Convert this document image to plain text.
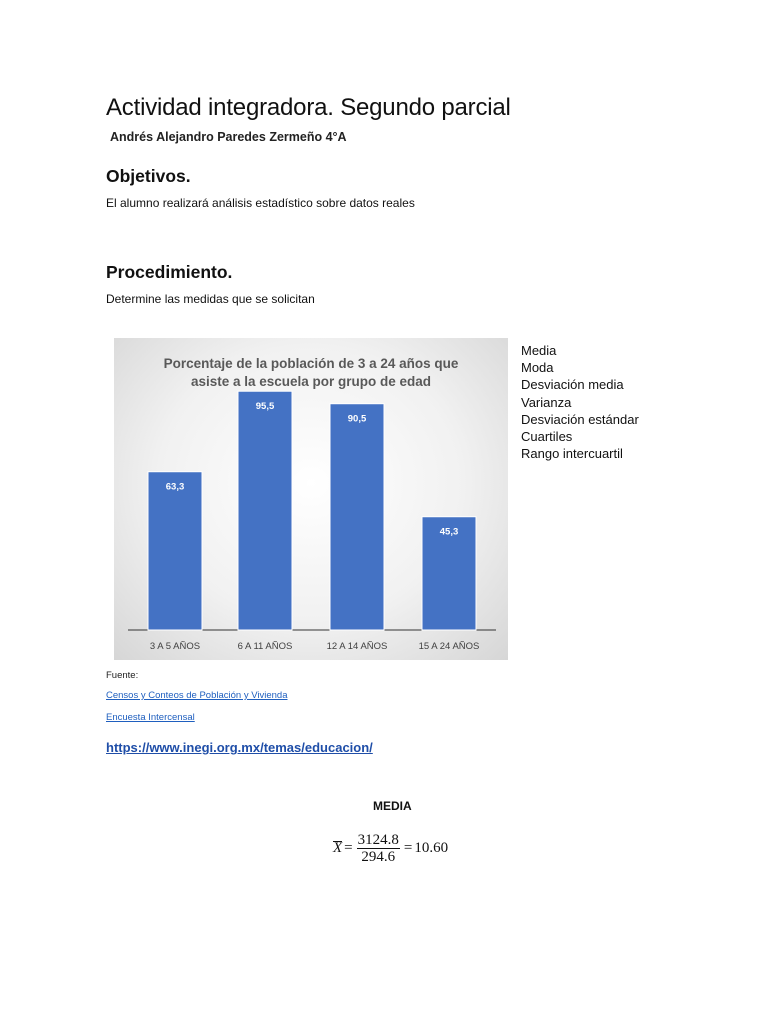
Actividad integradora. Segundo parcial
Andrés Alejandro Paredes Zermeño 4°A
Objetivos.
El alumno realizará análisis estadístico sobre datos reales
Procedimiento.
Determine las medidas que se solicitan
Porcentaje de la población de 3 a 24 años que
asiste a la escuela por grupo de edad
63,3
3 A 5 AÑOS
95,5
6 A 11 AÑOS
90,5
12 A 14 AÑOS
45,3
15 A 24 AÑOS
Media
Moda
Desviación media
Varianza
Desviación estándar
Cuartiles
Rango intercuartil
Fuente:
Censos y Conteos de Población y Vivienda
Encuesta Intercensal
https://www.inegi.org.mx/temas/educacion/
MEDIA
$X = \frac{3124.8}{294.6} = 10.60$
